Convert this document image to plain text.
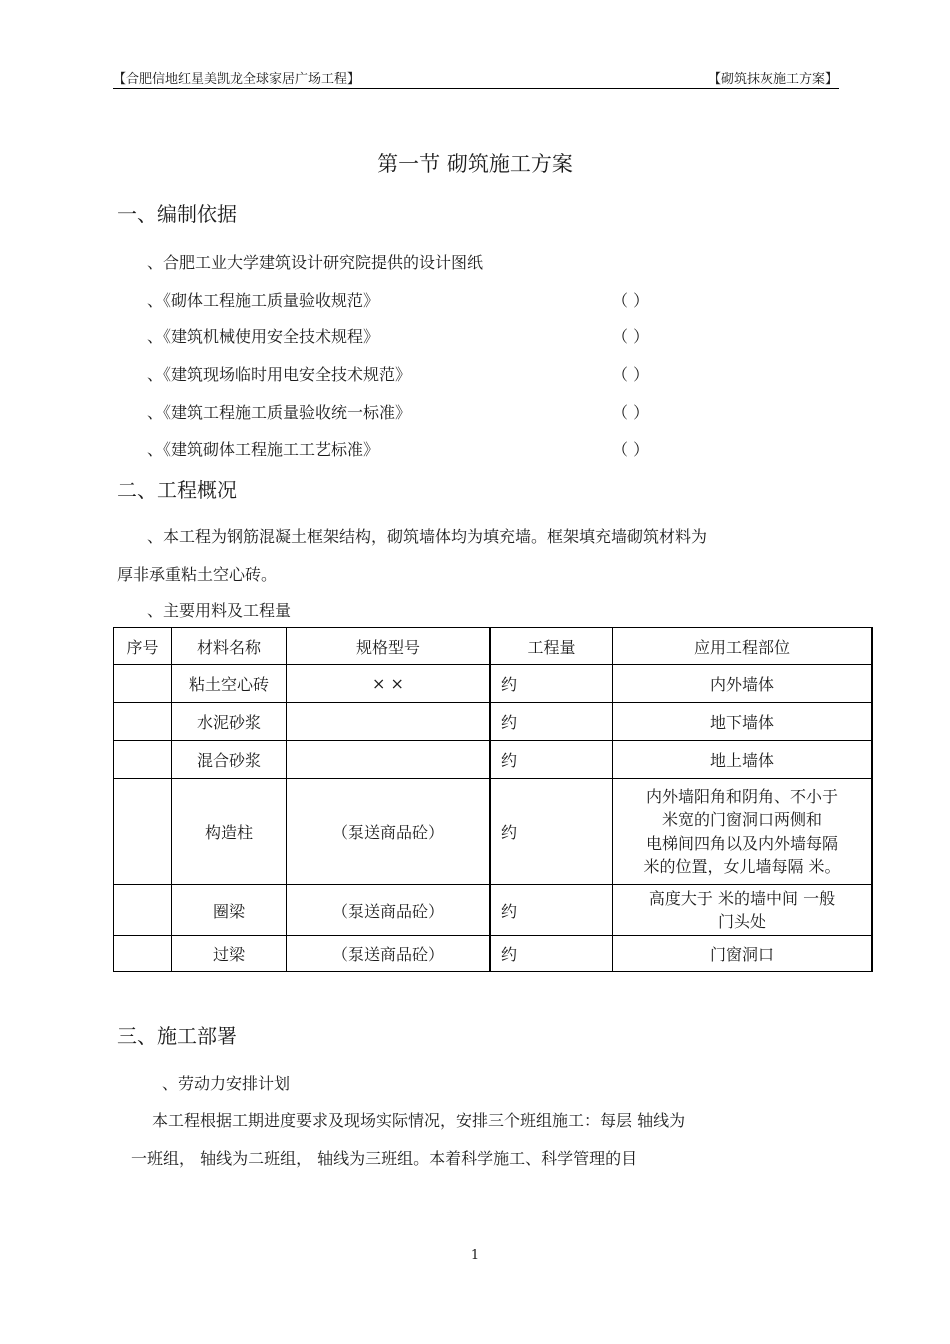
【合肥信地红星美凯龙全球家居广场工程】	【砌筑抹灰施工方案】
第一节 砌筑施工方案
一、编制依据
、合肥工业大学建筑设计研究院提供的设计图纸
、《砌体工程施工质量验收规范》	（ ）
、《建筑机械使用安全技术规程》	（ ）
、《建筑现场临时用电安全技术规范》	（ ）
、《建筑工程施工质量验收统一标准》	（ ）
、《建筑砌体工程施工工艺标准》	（ ）
二、工程概况
、本工程为钢筋混凝土框架结构，砌筑墙体均为填充墙。框架填充墙砌筑材料为
厚非承重粘土空心砖。
、主要用料及工程量
序号	材料名称	规格型号	工程量	应用工程部位
	粘土空心砖	× ×	约	内外墙体
	水泥砂浆		约	地下墙体
	混合砂浆		约	地上墙体
	构造柱	（泵送商品砼）	约	内外墙阳角和阴角、不小于
米宽的门窗洞口两侧和
电梯间四角以及内外墙每隔
米的位置，女儿墙每隔 米。

	圈梁	（泵送商品砼）	约	高度大于 米的墙中间 一般
门头处

	过梁	（泵送商品砼）	约	门窗洞口
三、施工部署
、劳动力安排计划
本工程根据工期进度要求及现场实际情况，安排三个班组施工：每层 轴线为
一班组， 轴线为二班组， 轴线为三班组。本着科学施工、科学管理的目
1
